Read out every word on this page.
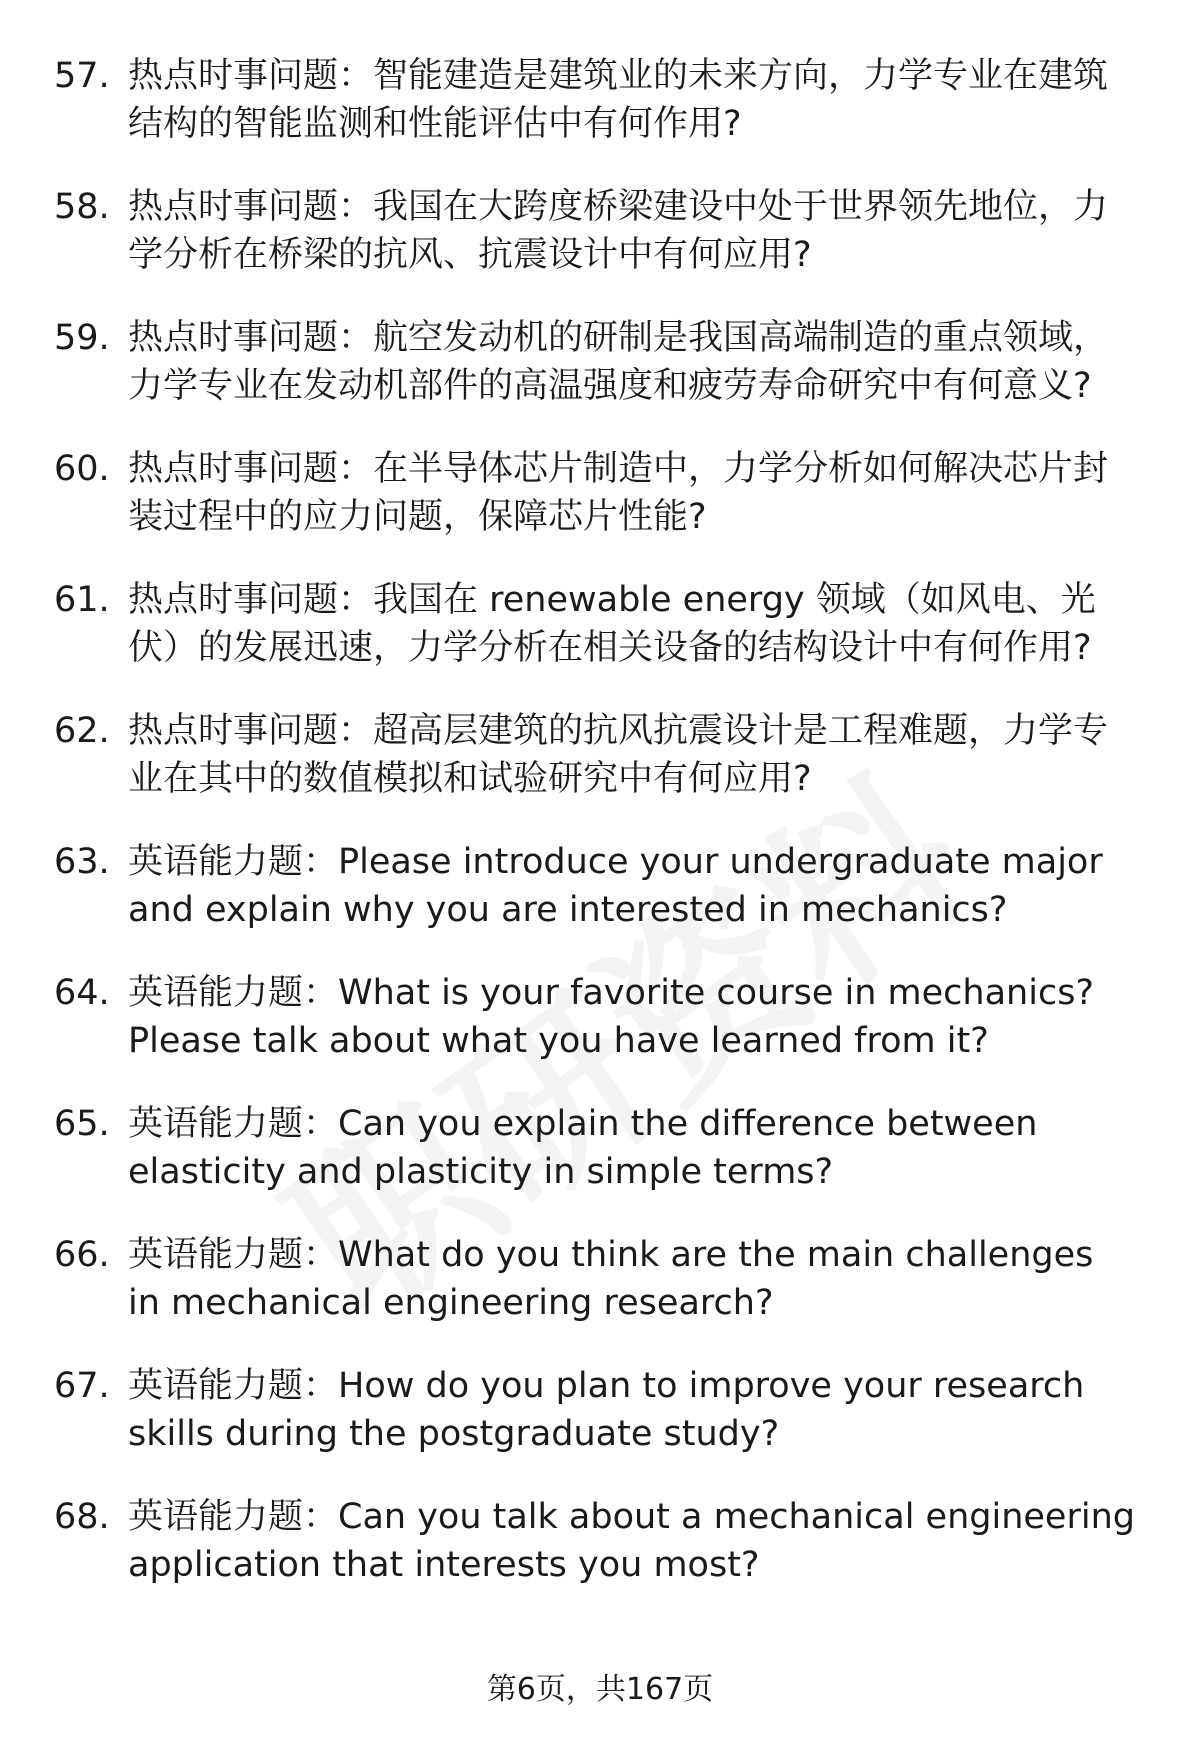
57. 热点时事问题：智能建造是建筑业的未来方向，力学专业在建筑结构的智能监测和性能评估中有何作用?
58. 热点时事问题：我国在大跨度桥梁建设中处于世界领先地位，力学分析在桥梁的抗风、抗震设计中有何应用?
59. 热点时事问题：航空发动机的研制是我国高端制造的重点领域，力学专业在发动机部件的高温强度和疲劳寿命研究中有何意义?
60. 热点时事问题：在半导体芯片制造中，力学分析如何解决芯片封装过程中的应力问题，保障芯片性能?
61. 热点时事问题：我国在 renewable energy 领域（如风电、光伏）的发展迅速，力学分析在相关设备的结构设计中有何作用?
62. 热点时事问题：超高层建筑的抗风抗震设计是工程难题，力学专业在其中的数值模拟和试验研究中有何应用?
63. 英语能力题：Please introduce your undergraduate major and explain why you are interested in mechanics?
64. 英语能力题：What is your favorite course in mechanics? Please talk about what you have learned from it?
65. 英语能力题：Can you explain the difference between elasticity and plasticity in simple terms?
66. 英语能力题：What do you think are the main challenges in mechanical engineering research?
67. 英语能力题：How do you plan to improve your research skills during the postgraduate study?
68. 英语能力题：Can you talk about a mechanical engineering application that interests you most?
第6页，共167页
